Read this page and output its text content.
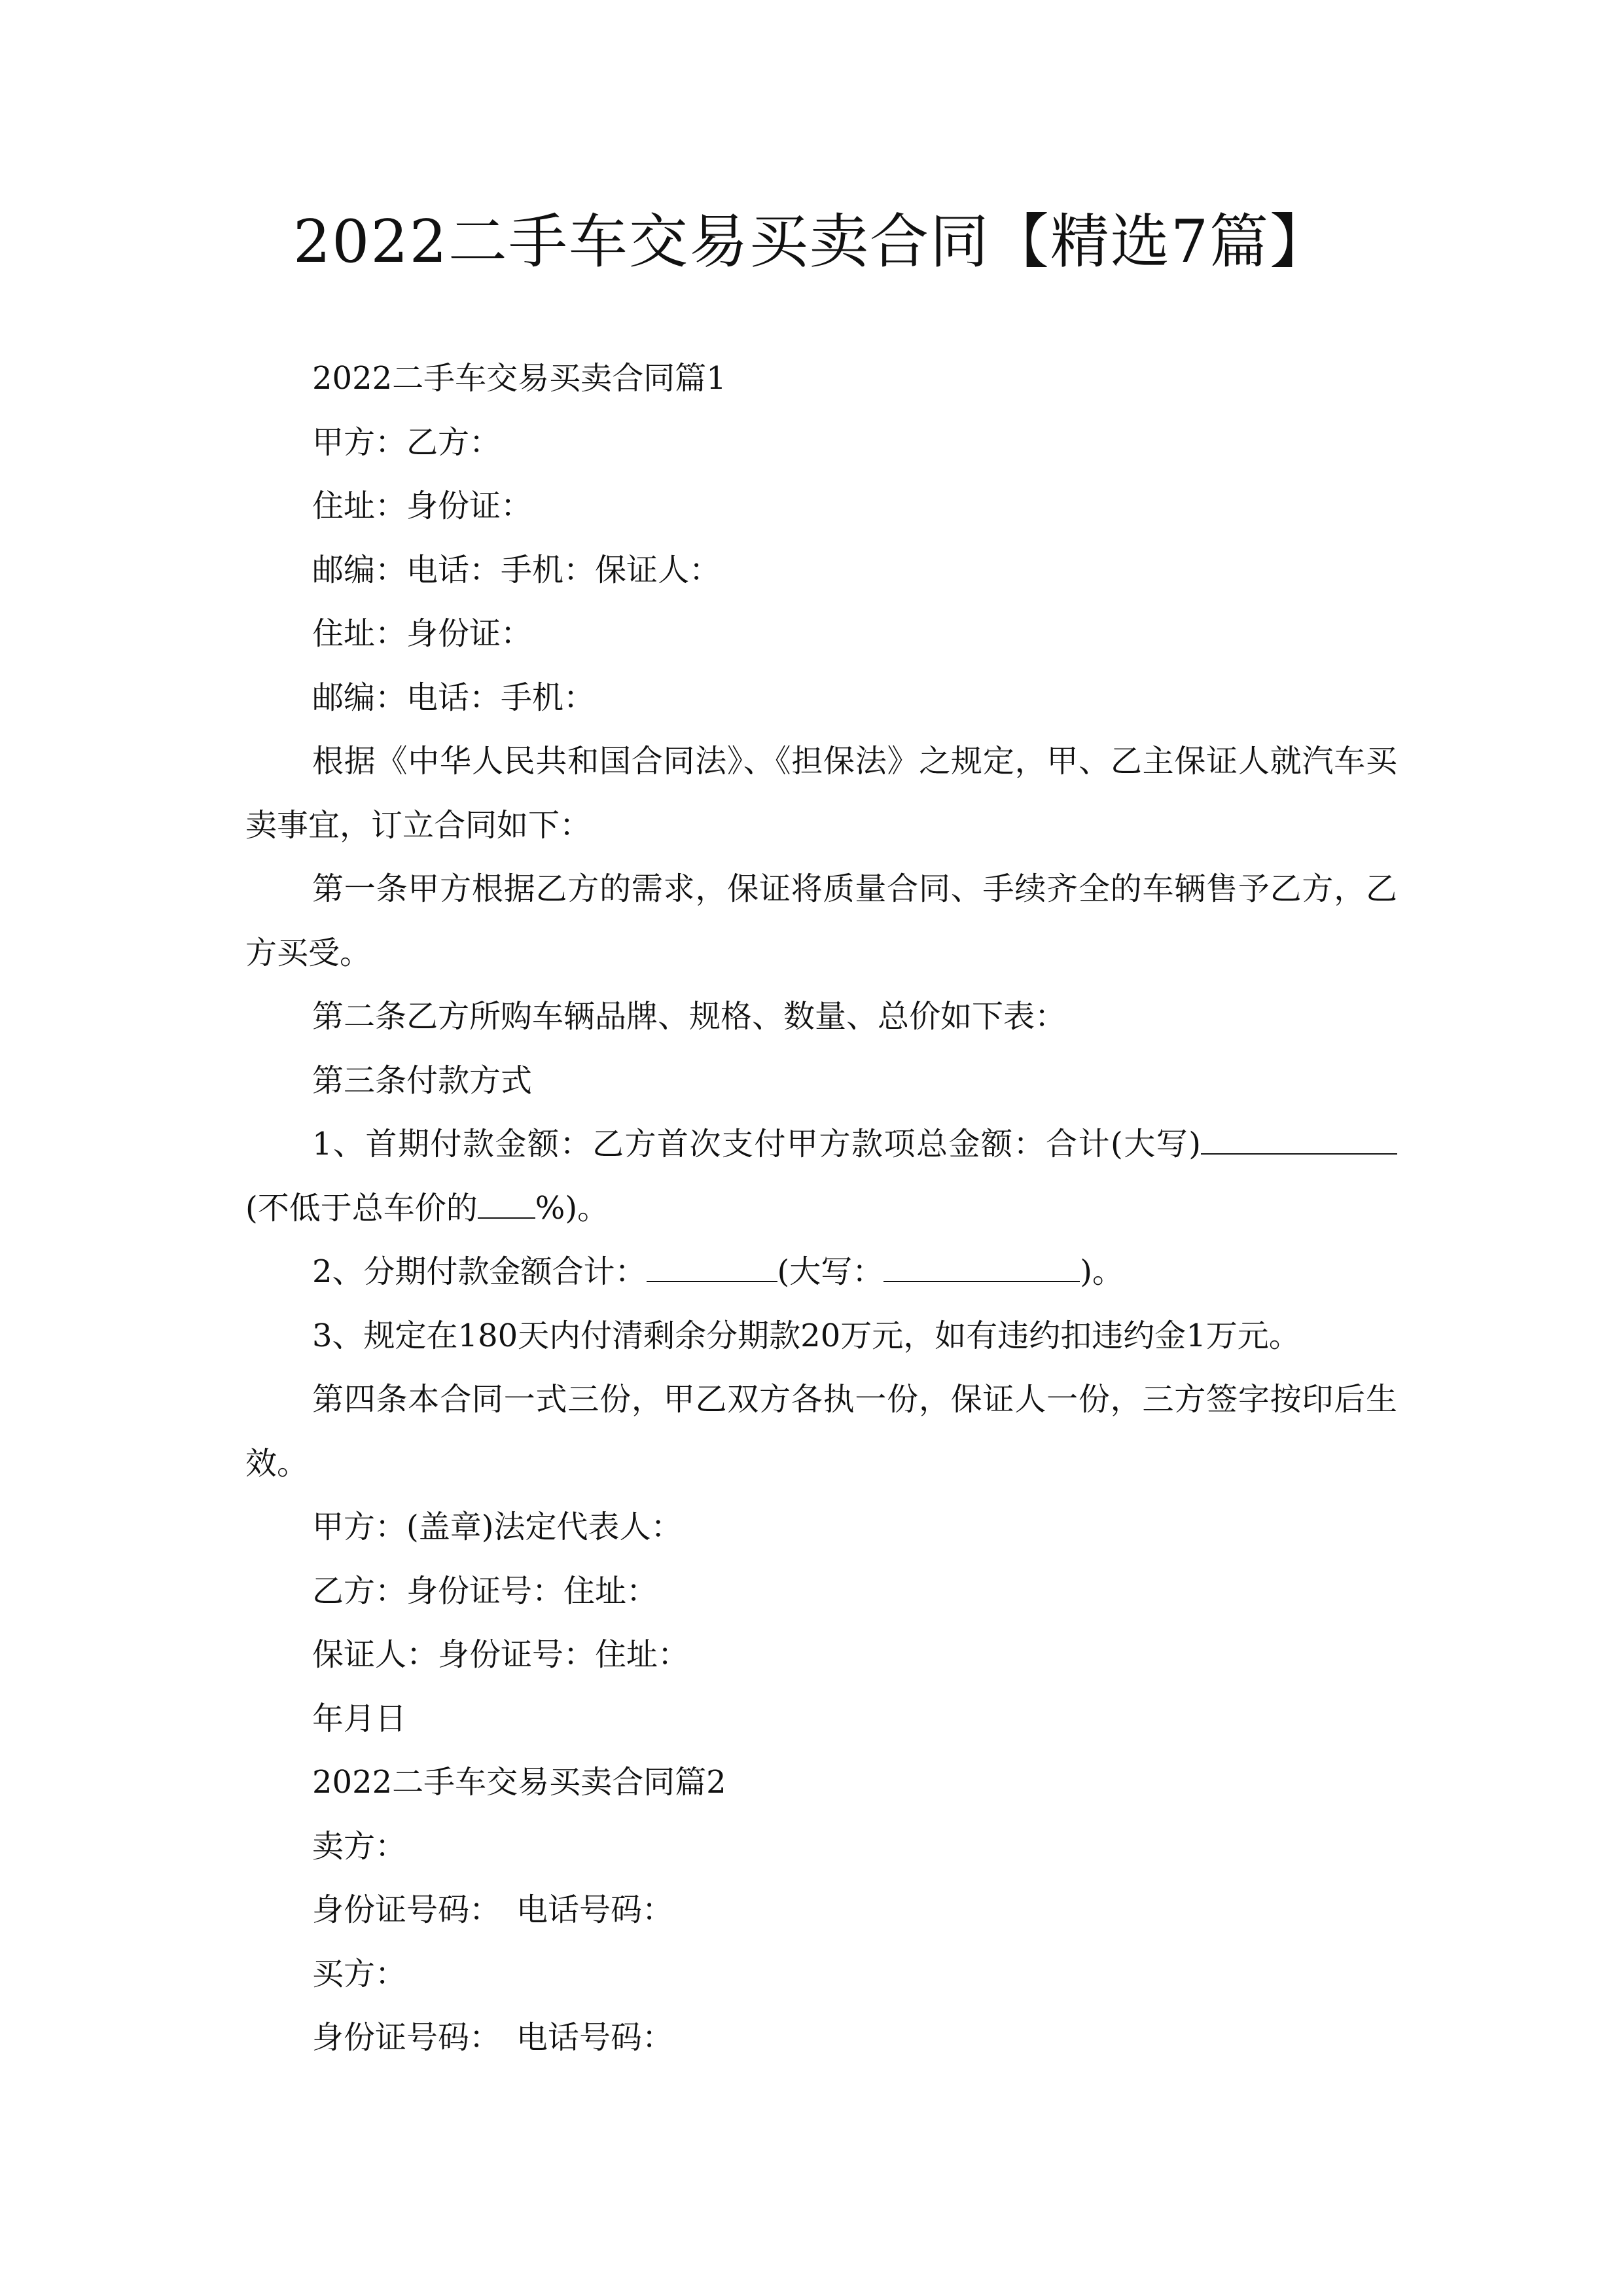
2022二手车交易买卖合同【精选7篇】

2022二手车交易买卖合同篇1

甲方：乙方：

住址：身份证：

邮编：电话：手机：保证人：

住址：身份证：

邮编：电话：手机：

根据《中华人民共和国合同法》、《担保法》之规定，甲、乙主保证人就汽车买卖事宜，订立合同如下：

第一条甲方根据乙方的需求，保证将质量合同、手续齐全的车辆售予乙方，乙方买受。

第二条乙方所购车辆品牌、规格、数量、总价如下表：

第三条付款方式

1、首期付款金额：乙方首次支付甲方款项总金额：合计(大写)(不低于总车价的 %)。

2、分期付款金额合计：	(大写：	)。

3、规定在180天内付清剩余分期款20万元，如有违约扣违约金1万元。

第四条本合同一式三份，甲乙双方各执一份，保证人一份，三方签字按印后生效。

甲方：(盖章)法定代表人：

乙方：身份证号：住址：

保证人：身份证号：住址：

年月日

2022二手车交易买卖合同篇2

卖方：

身份证号码：　电话号码：

买方：

身份证号码：　电话号码：
